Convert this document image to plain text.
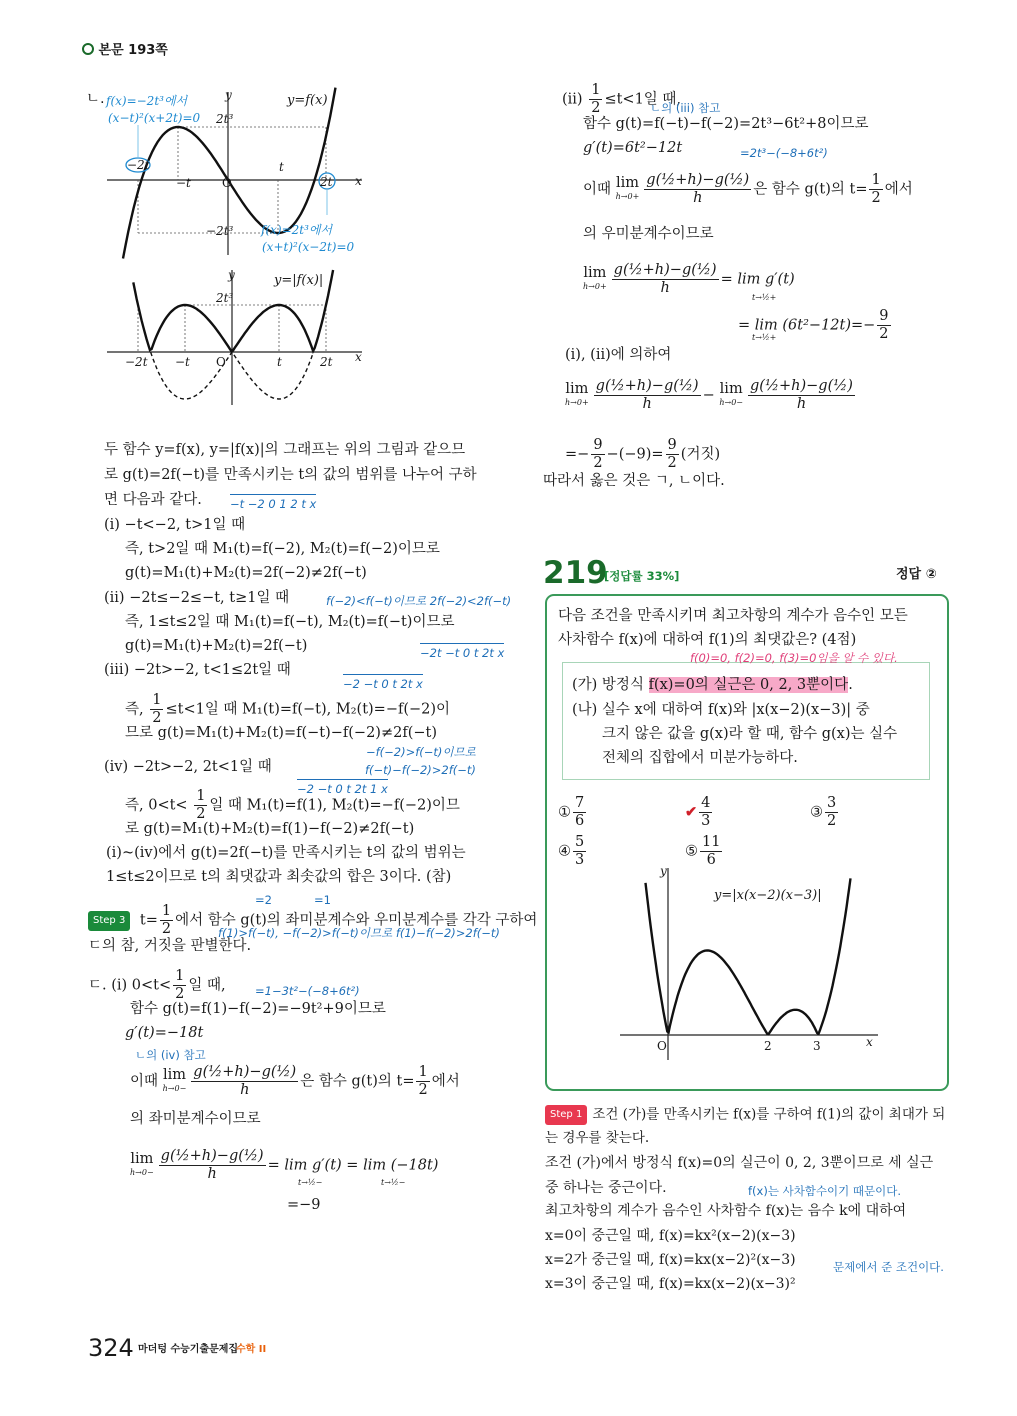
본문 193쪽
ㄴ. f(x)=−2t³에서
(x−t)²(x+2t)=0
y=f(x)
y
2t³
−2t
−t	O
t
2t x
−2t³ f(x)=2t³에서
(x+t)²(x−2t)=0
y=|f(x)|
y
2t³
−2t −t O	t	2t x
두 함수 y=f(x), y=|f(x)|의 그래프는 위의 그림과 같으므
로 g(t)=2f(−t)를 만족시키는 t의 값의 범위를 나누어 구하
면 다음과 같다. −t −2 0 1 2 t x
(i) −t<−2, t>1일 때
즉, t>2일 때 M₁(t)=f(−2), M₂(t)=f(−2)이므로
g(t)=M₁(t)+M₂(t)=2f(−2)≠2f(−t)
(ii) −2t≤−2≤−t, t≥1일 때	f(−2)<f(−t)이므로 2f(−2)<2f(−t)
즉, 1≤t≤2일 때 M₁(t)=f(−t), M₂(t)=f(−t)이므로
g(t)=M₁(t)+M₂(t)=2f(−t)	−2t −t 0 t 2t x
(iii) −2t>−2, t<1≤2t일 때
−2 −t 0 t 2t x
즉, $\frac{1}{2} \le t<1$일 때 M₁(t)=f(−t), M₂(t)=−f(−2)이
므로 g(t)=M₁(t)+M₂(t)=f(−t)−f(−2)≠2f(−t)
−f(−2)>f(−t)이므로
(iv) −2t>−2, 2t<1일 때	f(−t)−f(−2)>2f(−t)
−2 −t 0 t 2t 1 x
즉, $0<t< \frac{1}{2}$ 일 때 M₁(t)=f(1), M₂(t)=−f(−2)이므
로 g(t)=M₁(t)+M₂(t)=f(1)−f(−2)≠2f(−t)
(i)~(iv)에서 g(t)=2f(−t)를 만족시키는 t의 값의 범위는
1≤t≤2이므로 t의 최댓값과 최솟값의 합은 3이다. (참)
=2	=1
Step 3 $t= \frac{1}{2}$ 에서 함수 g(t)의 좌미분계수와 우미분계수를 각각 구하여
f(1)>f(−t), −f(−2)>f(−t)이므로 f(1)−f(−2)>2f(−t)
ㄷ의 참, 거짓을 판별한다.
ㄷ. (i) $0<t< \frac{1}{2}$ 일 때,	=1−3t²−(−8+6t²)
함수 g(t)=f(1)−f(−2)=−9t²+9이므로
g′(t)=−18t
ㄴ의 (iv) 참고
이때 lim
$h\to 0- \frac{\text{g(½+h)−g(½)}}{h}$ 은 함수 g(t)의 $t= \frac{1}{2}$ 에서
의 좌미분계수이므로
lim
$h\to 0- \frac{\text{g(½+h)−g(½)}}{h} = \lim g'(t) = \lim (-18t)$
t→½−	t→½−
=−9
$(ii) \frac{1}{2} \le t<1$일 때,
ㄴ의 (iii) 참고
함수 g(t)=f(−t)−f(−2)=2t³−6t²+8이므로
g′(t)=6t²−12t	=2t³−(−8+6t²)
이때 lim
$h\to 0+ \frac{\text{g(½+h)−g(½)}}{h}$ 은 함수 g(t)의 $t= \frac{1}{2}$ 에서
의 우미분계수이므로
lim
$h\to 0+ \frac{\text{g(½+h)−g(½)}}{h} = \lim g'(t)$
t→½+
= $\lim (6t^2-12t)=- \frac{9}{2}$
t→½+
(i), (ii)에 의하여
lim
$h\to 0+ \frac{\text{g(½+h)−g(½)}}{h} - \lim$
$h\to 0- \frac{\text{g(½+h)−g(½)}}{h}$
=− $\frac{9}{2} -(-9)= \frac{9}{2}$ (거짓)
따라서 옳은 것은 ㄱ, ㄴ이다.
219
[정답률 33%]	정답 ②
다음 조건을 만족시키며 최고차항의 계수가 음수인 모든
사차함수 f(x)에 대하여 f(1)의 최댓값은? (4점)
f(0)=0, f(2)=0, f(3)=0임을 알 수 있다.
(가) 방정식 f(x)=0의 실근은 0, 2, 3뿐이다.
(나) 실수 x에 대하여 f(x)와 |x(x−2)(x−3)| 중
크지 않은 값을 g(x)라 할 때, 함수 g(x)는 실수
전체의 집합에서 미분가능하다.
① $\frac{7}{6}$	✔ $\frac{4}{3}$	③ $\frac{3}{2}$
④ $\frac{5}{3}$	⑤ $\frac{11}{6}$
y=|x(x−2)(x−3)|
y
O	2	3	x
Step 1 조건 (가)를 만족시키는 f(x)를 구하여 f(1)의 값이 최대가 되
는 경우를 찾는다.
조건 (가)에서 방정식 f(x)=0의 실근이 0, 2, 3뿐이므로 세 실근
중 하나는 중근이다.	f(x)는 사차함수이기 때문이다.
최고차항의 계수가 음수인 사차함수 f(x)는 음수 k에 대하여
x=0이 중근일 때, f(x)=kx²(x−2)(x−3)
x=2가 중근일 때, f(x)=kx(x−2)²(x−3)	문제에서 준 조건이다.
x=3이 중근일 때, f(x)=kx(x−2)(x−3)²
324 마더텅 수능기출문제집
수학 II
